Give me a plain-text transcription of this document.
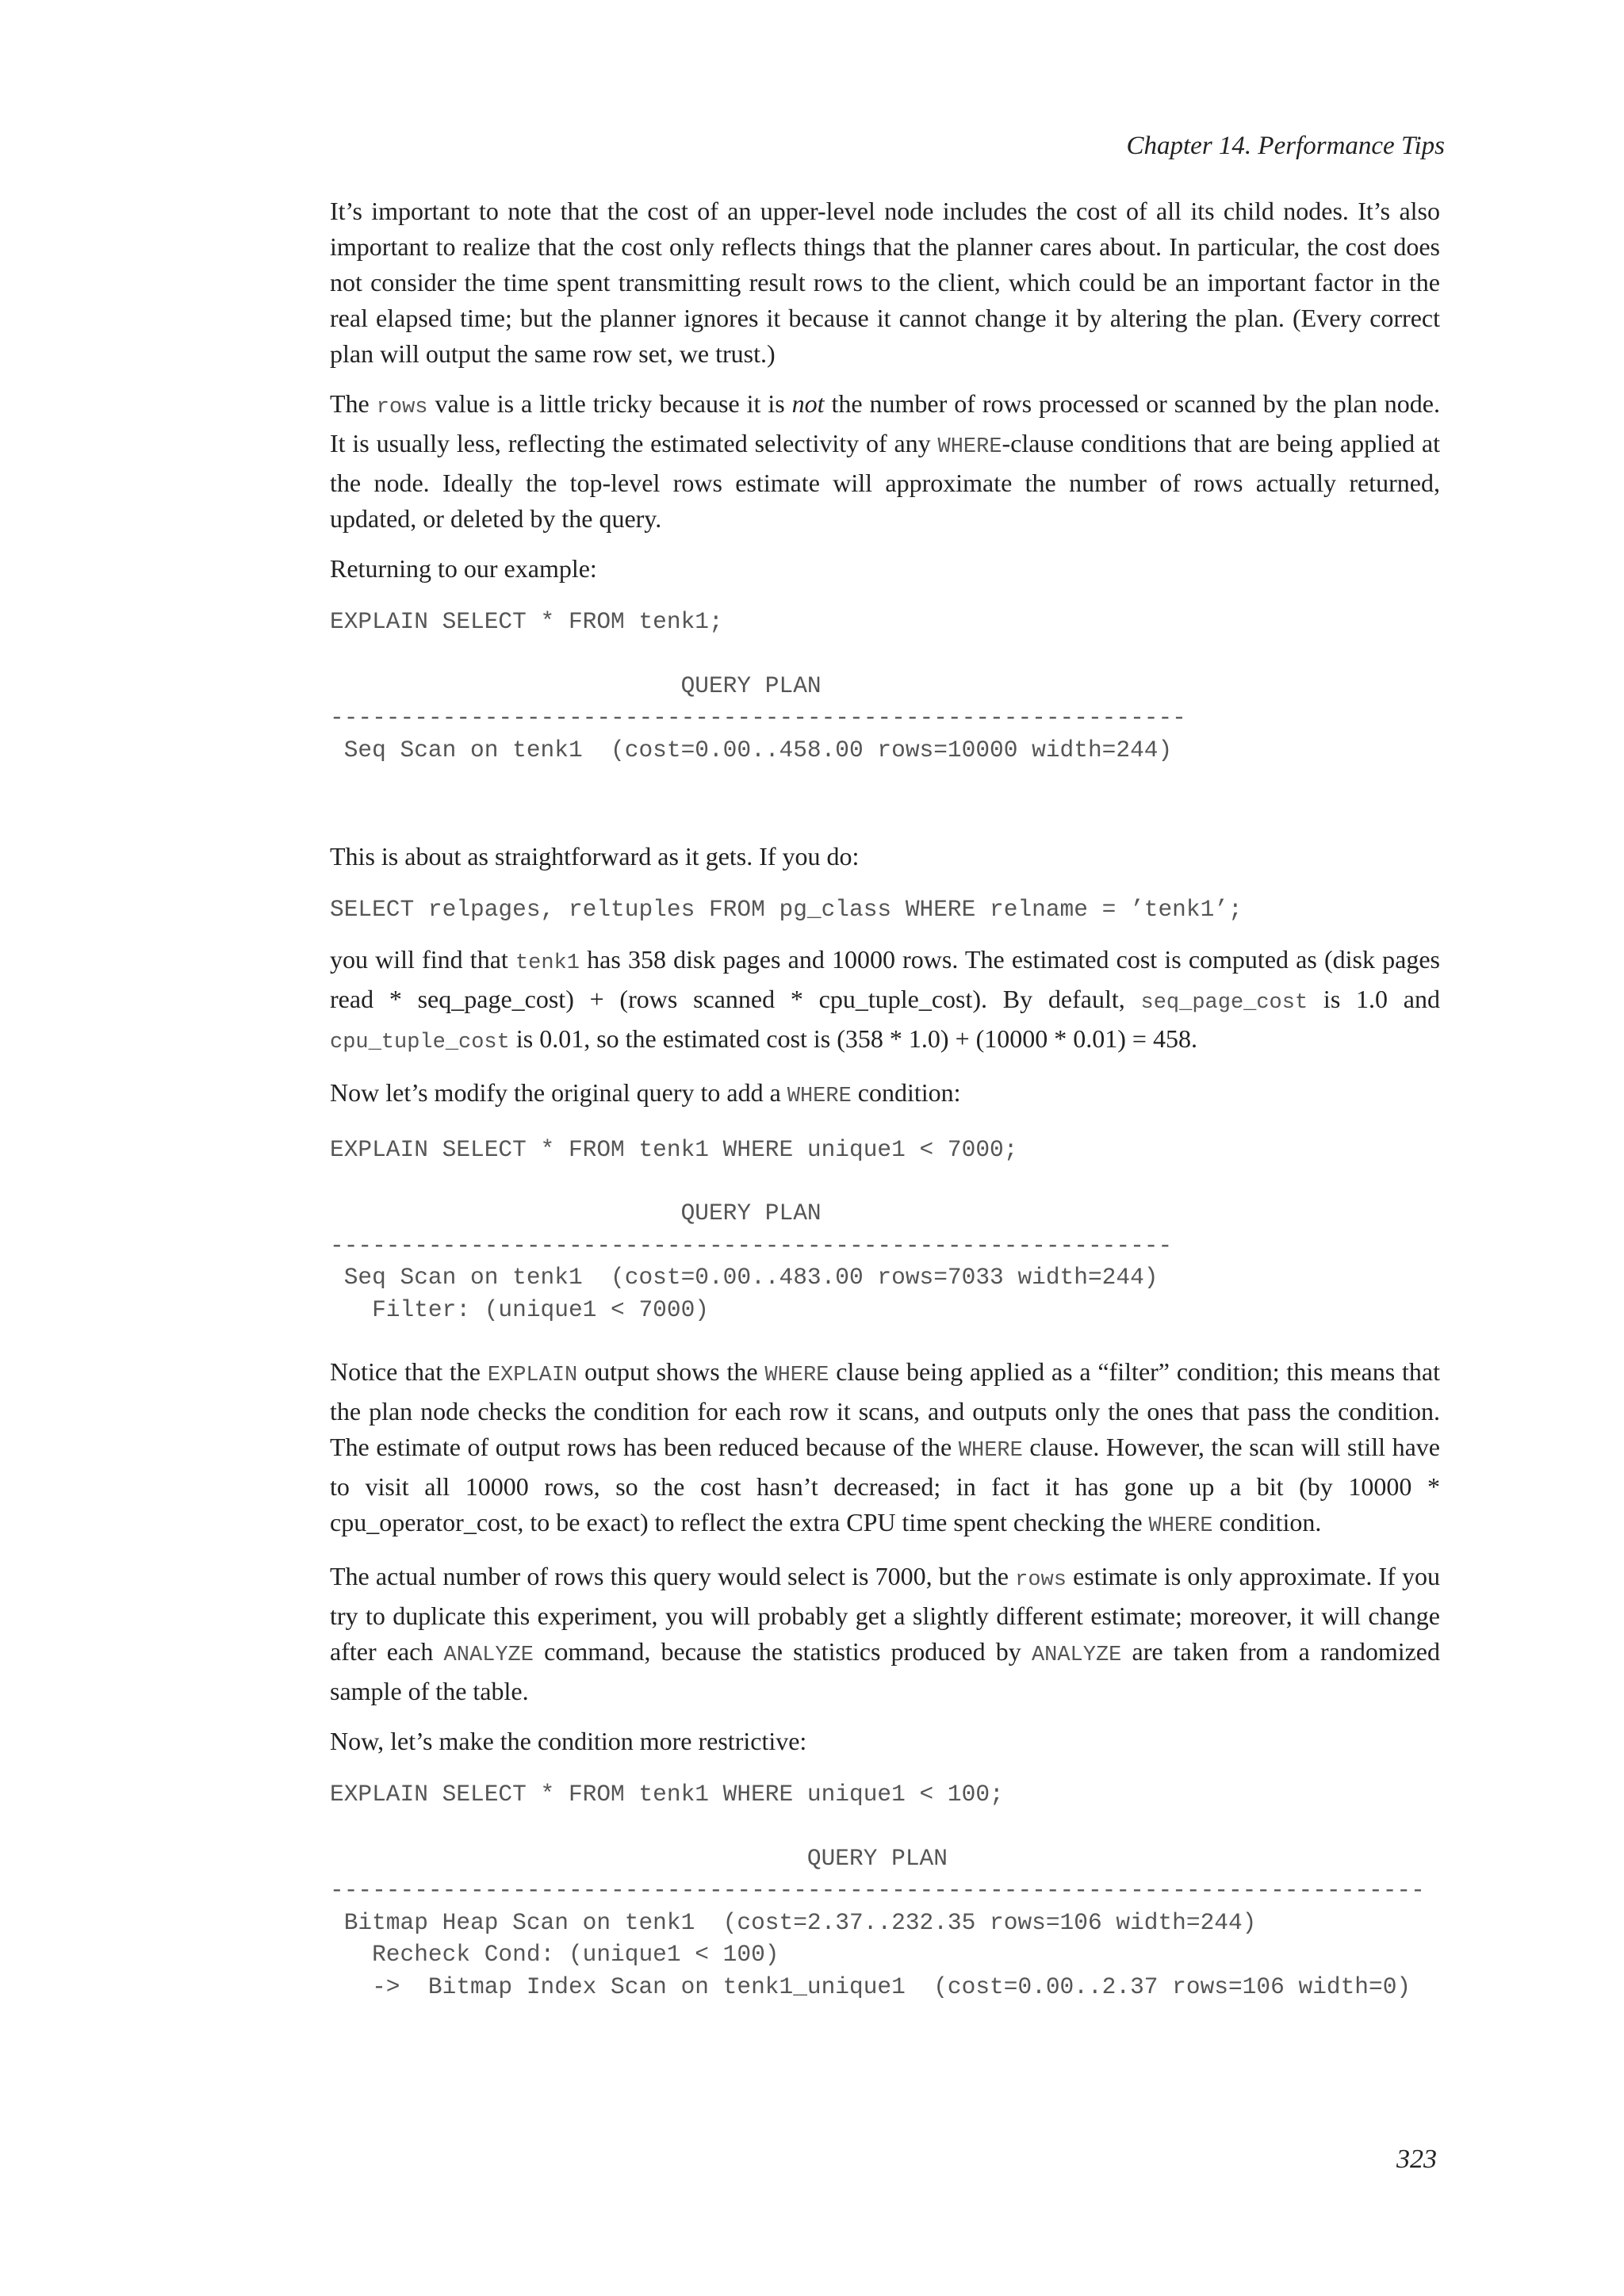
Chapter 14. Performance Tips

It’s important to note that the cost of an upper-level node includes the cost of all its child nodes. It’s also important to realize that the cost only reflects things that the planner cares about. In particular, the cost does not consider the time spent transmitting result rows to the client, which could be an important factor in the real elapsed time; but the planner ignores it because it cannot change it by altering the plan. (Every correct plan will output the same row set, we trust.)

The rows value is a little tricky because it is not the number of rows processed or scanned by the plan node. It is usually less, reflecting the estimated selectivity of any WHERE-clause conditions that are being applied at the node. Ideally the top-level rows estimate will approximate the number of rows actually returned, updated, or deleted by the query.

Returning to our example:

EXPLAIN SELECT * FROM tenk1;
QUERY PLAN
-------------------------------------------------------------
Seq Scan on tenk1  (cost=0.00..458.00 rows=10000 width=244)

This is about as straightforward as it gets. If you do:

SELECT relpages, reltuples FROM pg_class WHERE relname = ’tenk1’;

you will find that tenk1 has 358 disk pages and 10000 rows. The estimated cost is computed as (disk pages read * seq_page_cost) + (rows scanned * cpu_tuple_cost). By default, seq_page_cost is 1.0 and cpu_tuple_cost is 0.01, so the estimated cost is (358 * 1.0) + (10000 * 0.01) = 458.

Now let’s modify the original query to add a WHERE condition:

EXPLAIN SELECT * FROM tenk1 WHERE unique1 < 7000;
QUERY PLAN
------------------------------------------------------------
Seq Scan on tenk1  (cost=0.00..483.00 rows=7033 width=244)
Filter: (unique1 < 7000)

Notice that the EXPLAIN output shows the WHERE clause being applied as a “filter” condition; this means that the plan node checks the condition for each row it scans, and outputs only the ones that pass the condition. The estimate of output rows has been reduced because of the WHERE clause. However, the scan will still have to visit all 10000 rows, so the cost hasn’t decreased; in fact it has gone up a bit (by 10000 * cpu_operator_cost, to be exact) to reflect the extra CPU time spent checking the WHERE condition.

The actual number of rows this query would select is 7000, but the rows estimate is only approximate. If you try to duplicate this experiment, you will probably get a slightly different estimate; moreover, it will change after each ANALYZE command, because the statistics produced by ANALYZE are taken from a randomized sample of the table.

Now, let’s make the condition more restrictive:

EXPLAIN SELECT * FROM tenk1 WHERE unique1 < 100;
QUERY PLAN
------------------------------------------------------------------------------
Bitmap Heap Scan on tenk1  (cost=2.37..232.35 rows=106 width=244)
Recheck Cond: (unique1 < 100)
->  Bitmap Index Scan on tenk1_unique1  (cost=0.00..2.37 rows=106 width=0)
323
